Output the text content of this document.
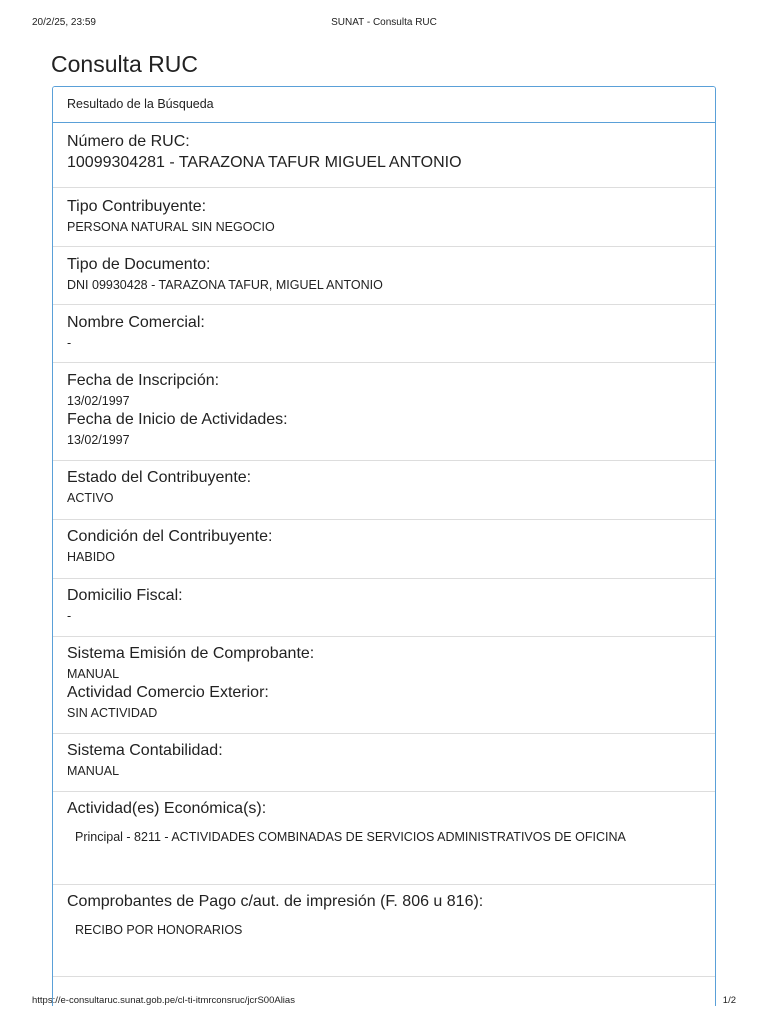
20/2/25, 23:59	SUNAT - Consulta RUC
Consulta RUC
Resultado de la Búsqueda
Número de RUC:
10099304281 - TARAZONA TAFUR MIGUEL ANTONIO
Tipo Contribuyente:
PERSONA NATURAL SIN NEGOCIO
Tipo de Documento:
DNI 09930428 - TARAZONA TAFUR, MIGUEL ANTONIO
Nombre Comercial:
-
Fecha de Inscripción:
13/02/1997
Fecha de Inicio de Actividades:
13/02/1997
Estado del Contribuyente:
ACTIVO
Condición del Contribuyente:
HABIDO
Domicilio Fiscal:
-
Sistema Emisión de Comprobante:
MANUAL
Actividad Comercio Exterior:
SIN ACTIVIDAD
Sistema Contabilidad:
MANUAL
Actividad(es) Económica(s):
Principal - 8211 - ACTIVIDADES COMBINADAS DE SERVICIOS ADMINISTRATIVOS DE OFICINA
Comprobantes de Pago c/aut. de impresión (F. 806 u 816):
RECIBO POR HONORARIOS
https://e-consultaruc.sunat.gob.pe/cl-ti-itmrconsruc/jcrS00Alias	1/2
